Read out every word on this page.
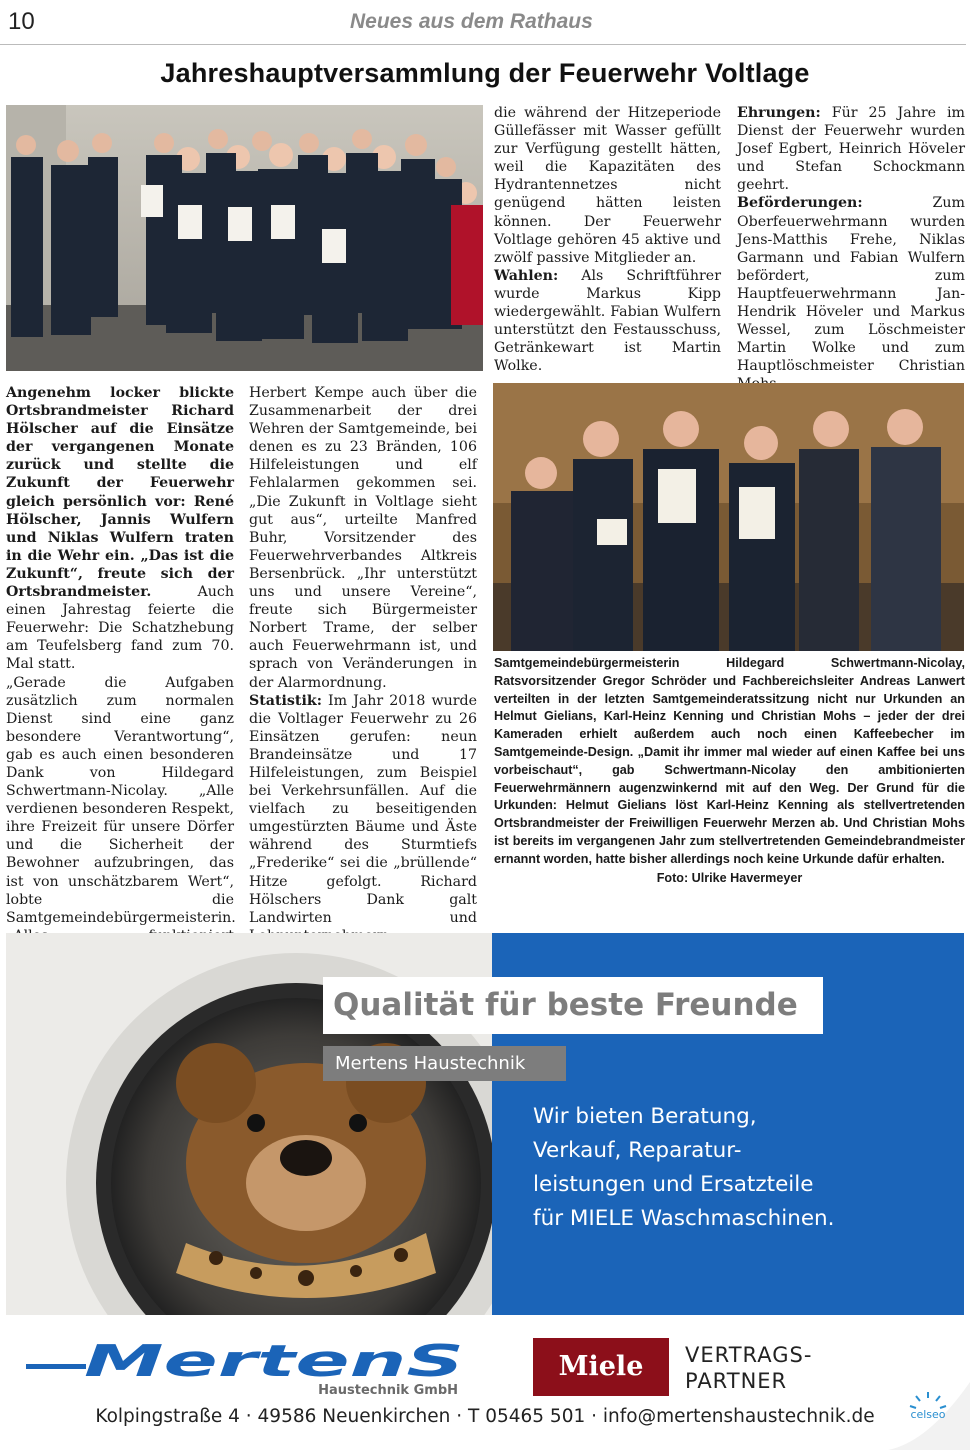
10	Neues aus dem Rathaus
Jahreshauptversammlung der Feuerwehr Voltlage

die während der Hitzeperiode Güllefässer mit Wasser gefüllt zur Verfügung gestellt hätten, weil die Kapazitäten des Hydrantennetzes nicht genügend hätten leisten können. Der Feuerwehr Voltlage gehören 45 aktive und zwölf passive Mitglieder an.

Wahlen: Als Schriftführer wurde Markus Kipp wiedergewählt. Fabian Wulfern unterstützt den Festausschuss, Getränkewart ist Martin Wolke.

Ehrungen: Für 25 Jahre im Dienst der Feuerwehr wurden Josef Egbert, Heinrich Höveler und Stefan Schockmann geehrt.

Beförderungen:	Zum Oberfeuerwehrmann wurden Jens-Matthis Frehe, Niklas Garmann und Fabian Wulfern befördert, zum Hauptfeuerwehrmann Jan-Hendrik Höveler und Markus Wessel, zum Löschmeister Martin Wolke und zum Hauptlöschmeister Christian

Angenehm locker blickte Ortsbrandmeister Richard Hölscher auf die Einsätze der vergangenen Monate zurück und stellte die Zukunft der Feuerwehr gleich persönlich vor: René Hölscher, Jannis Wulfern und Niklas Wulfern traten in die Wehr ein. „Das ist die Zukunft“, freute sich der Ortsbrandmeister. Auch einen Jahrestag feierte die Feuerwehr: Die Schatzhebung am Teufelsberg fand zum 70. Mal statt.

„Gerade die Aufgaben zusätzlich zum normalen Dienst sind eine ganz besondere Verantwortung“, gab es auch einen besonderen Dank von Hildegard Schwertmann-Nicolay. „Alle verdienen besonderen Respekt, ihre Freizeit für unsere Dörfer und die Sicherheit der Bewohner aufzubringen, das ist von unschätzbarem Wert“, lobte die Samtgemeindebürgermeisterin.

Herbert Kempe auch über die Zusammenarbeit der drei Wehren der Samtgemeinde, bei denen es zu 23 Bränden, 106 Hilfeleistungen und elf Fehlalarmen gekommen sei. „Die Zukunft in Voltlage sieht gut aus“, urteilte Manfred Buhr, Vorsitzender des Feuerwehrverbandes Altkreis Bersenbrück. „Ihr unterstützt uns und unsere Vereine“, freute sich Bürgermeister Norbert Trame, der selber auch Feuerwehrmann ist, und sprach von Veränderungen in der Alarmordnung.

Statistik: Im Jahr 2018 wurde die Voltlager Feuerwehr zu 26 Einsätzen gerufen: neun Brandeinsätze und 17 Hilfeleistungen, zum Beispiel bei Verkehrsunfällen. Auf die vielfach zu beseitigenden umgestürzten Bäume und Äste während des Sturmtiefs „Frederike“ sei die „brüllende“ Hitze gefolgt. Richard Hölschers Dank galt Landwirten und

Samtgemeindebürgermeisterin Hildegard Schwertmann-Nicolay, Ratsvorsitzender Gregor Schröder und Fachbereichsleiter Andreas Lanwert verteilten in der letzten Samtgemeinderatssitzung nicht nur Urkunden an Helmut Gielians, Karl-Heinz Kenning und Christian Mohs – jeder der drei Kameraden erhielt außerdem auch noch einen Kaffeebecher im Samtgemeinde-Design. „Damit ihr immer mal wieder auf einen Kaffee bei uns vorbeischaut“, gab Schwertmann-Nicolay den ambitionierten Feuerwehrmännern augenzwinkernd mit auf den Weg. Der Grund für die Urkunden: Helmut Gielians löst Karl-Heinz Kenning als stellvertretenden Ortsbrandmeister der Freiwilligen Feuerwehr Merzen ab. Und Christian Mohs ist bereits im vergangenen Jahr zum stellvertretenden Gemeindebrandmeister ernannt worden, hatte bisher allerdings noch keine Urkunde dafür erhalten.
Foto: Ulrike Havermeyer
Qualität für beste Freunde
Mertens Haustechnik
Wir bieten Beratung,
Verkauf, Reparatur-
leistungen und Ersatzteile
für MIELE Waschmaschinen.
MertenS
Haustechnik GmbH
Miele	VERTRAGS-
PARTNER
Kolpingstraße 4 · 49586 Neuenkirchen · T 05465 501 · info@mertenshaustechnik.de	celseo
